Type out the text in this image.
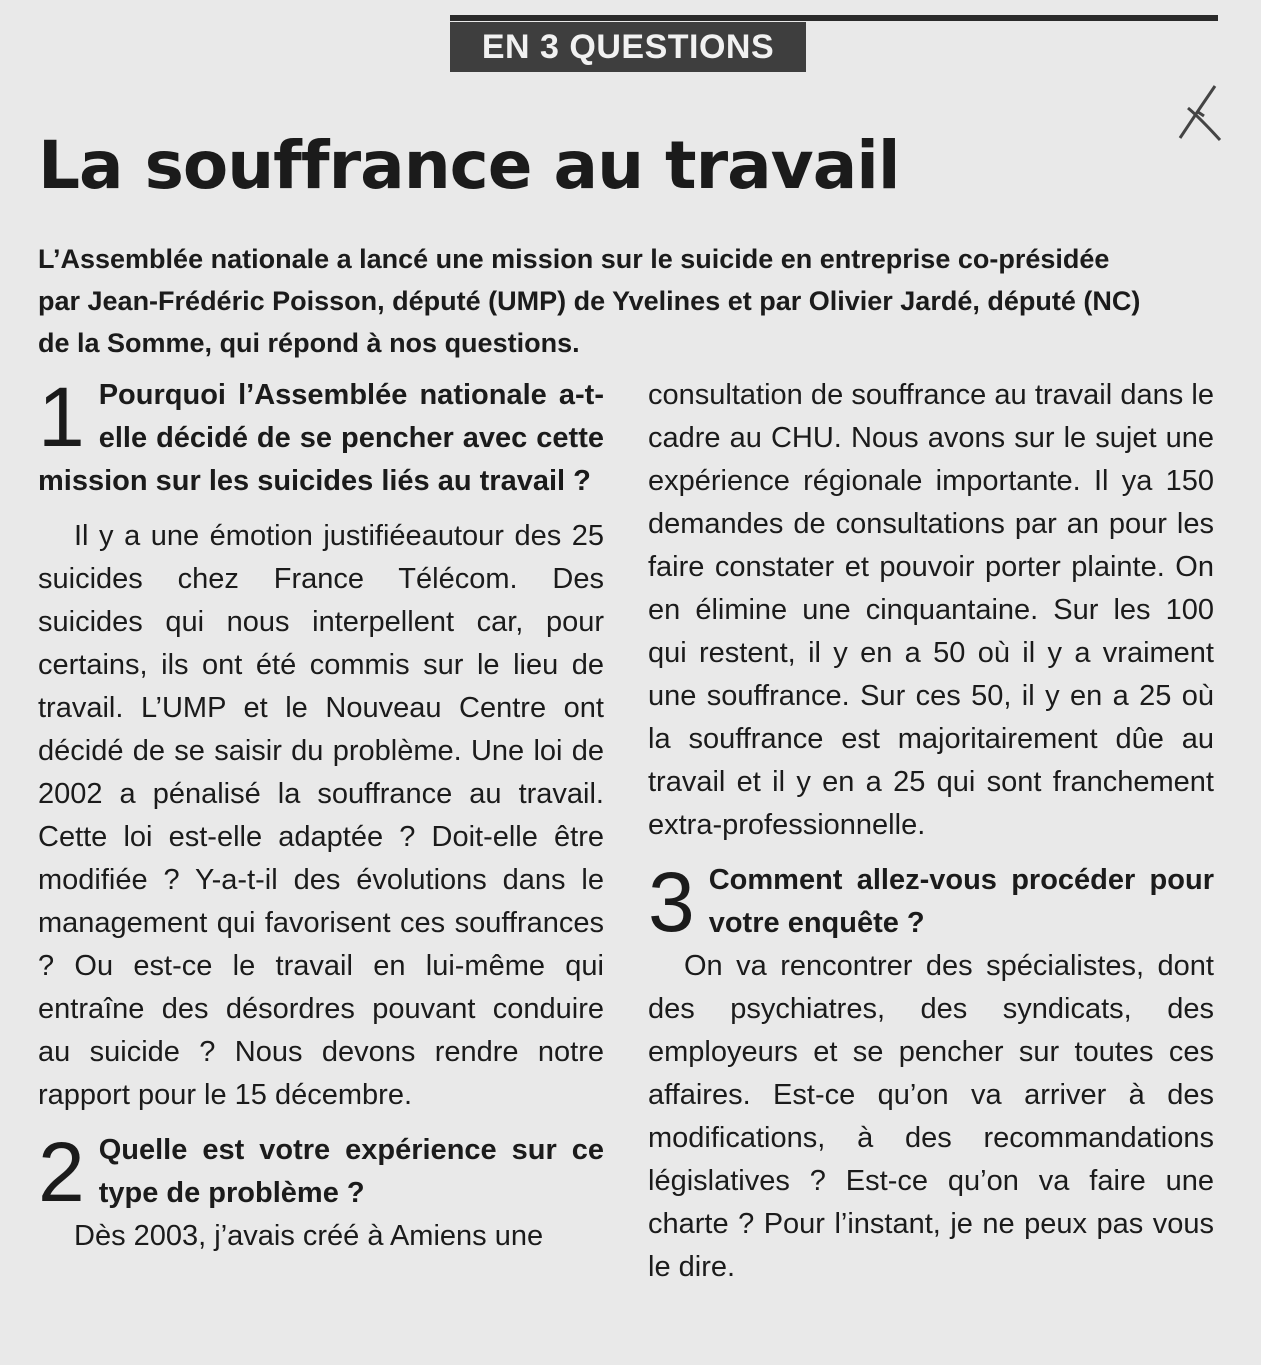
EN 3 QUESTIONS
La souffrance au travail
L’Assemblée nationale a lancé une mission sur le suicide en entreprise co-présidée par Jean-Frédéric Poisson, député (UMP) de Yvelines et par Olivier Jardé, député (NC) de la Somme, qui répond à nos questions.

1 Pourquoi l’Assemblée nationale a-t-elle décidé de se pencher avec cette mission sur les suicides liés au travail ?

Il y a une émotion justifiéeautour des 25 suicides chez France Télécom. Des suicides qui nous interpellent car, pour certains, ils ont été commis sur le lieu de travail. L’UMP et le Nouveau Centre ont décidé de se saisir du problème. Une loi de 2002 a pénalisé la souffrance au travail. Cette loi est-elle adaptée ? Doit-elle être modifiée ? Y-a-t-il des évolutions dans le management qui favorisent ces souffrances ? Ou est-ce le travail en lui-même qui entraîne des désordres pouvant conduire au suicide ? Nous devons rendre notre rapport pour le 15 décembre.

2 Quelle est votre expérience sur ce type de problème ?

Dès 2003, j’avais créé à Amiens une

consultation de souffrance au travail dans le cadre au CHU. Nous avons sur le sujet une expérience régionale importante. Il ya 150 demandes de consultations par an pour les faire constater et pouvoir porter plainte. On en élimine une cinquantaine. Sur les 100 qui restent, il y en a 50 où il y a vraiment une souffrance. Sur ces 50, il y en a 25 où la souffrance est majoritairement dûe au travail et il y en a 25 qui sont franchement extra-professionnelle.

3 Comment allez-vous procéder pour votre enquête ?

On va rencontrer des spécialistes, dont des psychiatres, des syndicats, des employeurs et se pencher sur toutes ces affaires. Est-ce qu’on va arriver à des modifications, à des recommandations législatives ? Est-ce qu’on va faire une charte ? Pour l’instant, je ne peux pas vous le dire.
